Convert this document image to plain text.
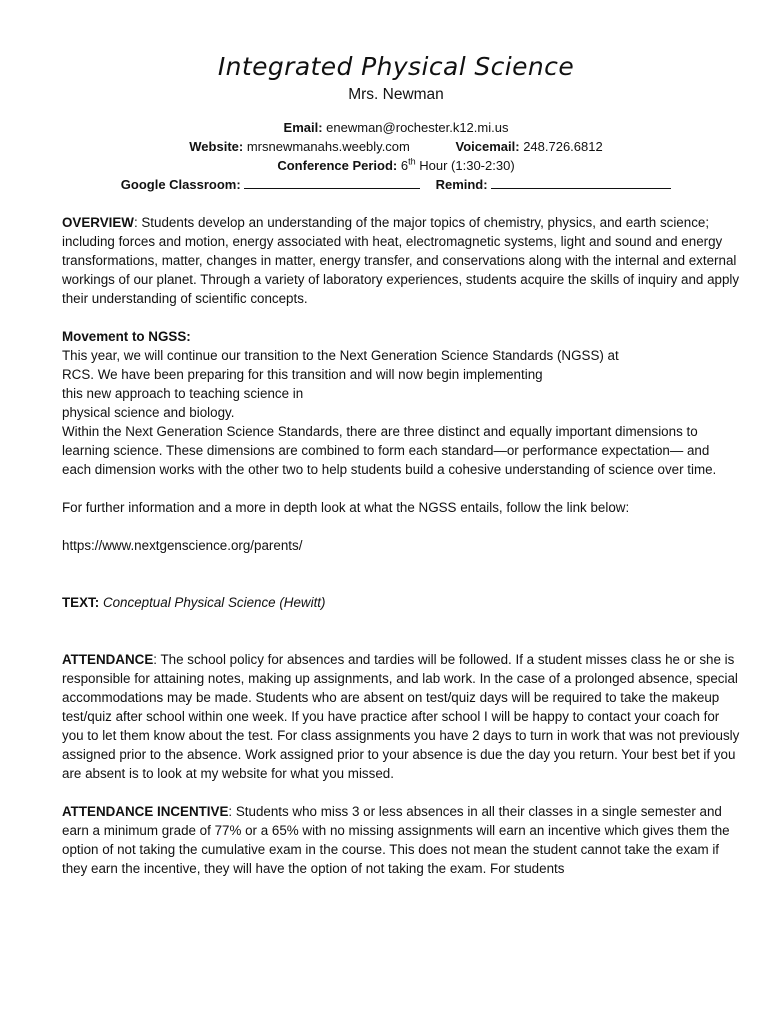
Integrated Physical Science
Mrs. Newman
Email: enewman@rochester.k12.mi.us
Website: mrsnewmanahs.weebly.com	Voicemail: 248.726.6812
Conference Period: 6th Hour (1:30-2:30)
Google Classroom:	Remind:

OVERVIEW: Students develop an understanding of the major topics of chemistry, physics, and earth science; including forces and motion, energy associated with heat, electromagnetic systems, light and sound and energy transformations, matter, changes in matter, energy transfer, and conservations along with the internal and external workings of our planet. Through a variety of laboratory experiences, students acquire the skills of inquiry and apply their understanding of scientific concepts.

Movement to NGSS:
This year, we will continue our transition to the Next Generation Science Standards (NGSS) at
RCS. We have been preparing for this transition and will now begin implementing
this new approach to teaching science in
physical science and biology.
Within the Next Generation Science Standards, there are three distinct and equally important dimensions to learning science. These dimensions are combined to form each standard—or performance expectation— and each dimension works with the other two to help students build a cohesive understanding of science over time.

For further information and a more in depth look at what the NGSS entails, follow the link below:

https://www.nextgenscience.org/parents/

TEXT: Conceptual Physical Science (Hewitt)

ATTENDANCE: The school policy for absences and tardies will be followed. If a student misses class he or she is responsible for attaining notes, making up assignments, and lab work. In the case of a prolonged absence, special accommodations may be made. Students who are absent on test/quiz days will be required to take the makeup test/quiz after school within one week. If you have practice after school I will be happy to contact your coach for you to let them know about the test. For class assignments you have 2 days to turn in work that was not previously assigned prior to the absence. Work assigned prior to your absence is due the day you return. Your best bet if you are absent is to look at my website for what you missed.

ATTENDANCE INCENTIVE: Students who miss 3 or less absences in all their classes in a single semester and earn a minimum grade of 77% or a 65% with no missing assignments will earn an incentive which gives them the option of not taking the cumulative exam in the course. This does not mean the student cannot take the exam if they earn the incentive, they will have the option of not taking the exam. For students
